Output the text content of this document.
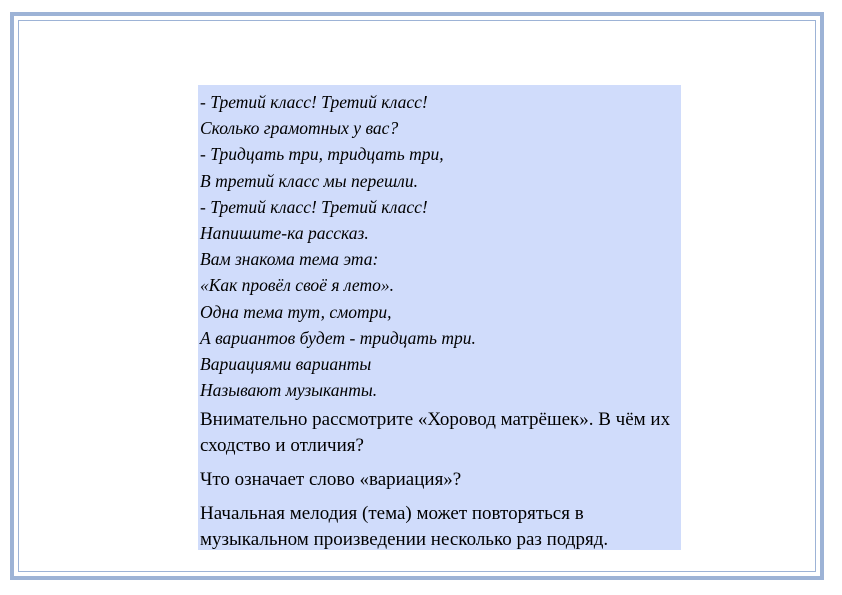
- Третий класс! Третий класс!
Сколько грамотных у вас?
- Тридцать три, тридцать три,
В третий класс мы перешли.
- Третий класс! Третий класс!
Напишите-ка рассказ.
Вам знакома тема эта:
«Как провёл своё я лето».
Одна тема тут, смотри,
А вариантов будет - тридцать три.
Вариациями варианты
Называют музыканты.
Внимательно рассмотрите «Хоровод матрёшек». В чём их сходство и отличия?
Что означает слово «вариация»?
Начальная мелодия (тема) может повторяться в музыкальном произведении несколько раз подряд.
